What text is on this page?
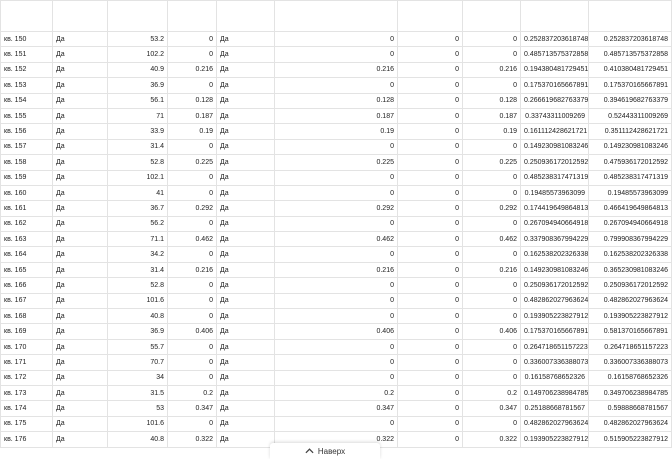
кв. 150	Да	53.2	0	Да	0	0	0	0.252837203618748	0.252837203618748
кв. 151	Да	102.2	0	Да	0	0	0	0.485713575372858	0.485713575372858
кв. 152	Да	40.9	0.216	Да	0.216	0	0.216	0.194380481729451	0.410380481729451
кв. 153	Да	36.9	0	Да	0	0	0	0.175370165667891	0.175370165667891
кв. 154	Да	56.1	0.128	Да	0.128	0	0.128	0.266619682763379	0.394619682763379
кв. 155	Да	71	0.187	Да	0.187	0	0.187	0.33743311009269	0.52443311009269
кв. 156	Да	33.9	0.19	Да	0.19	0	0.19	0.161112428621721	0.351112428621721
кв. 157	Да	31.4	0	Да	0	0	0	0.149230981083246	0.149230981083246
кв. 158	Да	52.8	0.225	Да	0.225	0	0.225	0.250936172012592	0.475936172012592
кв. 159	Да	102.1	0	Да	0	0	0	0.485238317471319	0.485238317471319
кв. 160	Да	41	0	Да	0	0	0	0.19485573963099	0.19485573963099
кв. 161	Да	36.7	0.292	Да	0.292	0	0.292	0.174419649864813	0.466419649864813
кв. 162	Да	56.2	0	Да	0	0	0	0.267094940664918	0.267094940664918
кв. 163	Да	71.1	0.462	Да	0.462	0	0.462	0.337908367994229	0.799908367994229
кв. 164	Да	34.2	0	Да	0	0	0	0.162538202326338	0.162538202326338
кв. 165	Да	31.4	0.216	Да	0.216	0	0.216	0.149230981083246	0.365230981083246
кв. 166	Да	52.8	0	Да	0	0	0	0.250936172012592	0.250936172012592
кв. 167	Да	101.6	0	Да	0	0	0	0.482862027963624	0.482862027963624
кв. 168	Да	40.8	0	Да	0	0	0	0.193905223827912	0.193905223827912
кв. 169	Да	36.9	0.406	Да	0.406	0	0.406	0.175370165667891	0.581370165667891
кв. 170	Да	55.7	0	Да	0	0	0	0.264718651157223	0.264718651157223
кв. 171	Да	70.7	0	Да	0	0	0	0.336007336388073	0.336007336388073
кв. 172	Да	34	0	Да	0	0	0	0.16158768652326	0.16158768652326
кв. 173	Да	31.5	0.2	Да	0.2	0	0.2	0.149706238984785	0.349706238984785
кв. 174	Да	53	0.347	Да	0.347	0	0.347	0.25188668781567	0.59888668781567
кв. 175	Да	101.6	0	Да	0	0	0	0.482862027963624	0.482862027963624
кв. 176	Да	40.8	0.322	Да	0.322	0	0.322	0.193905223827912	0.515905223827912
Наверх
